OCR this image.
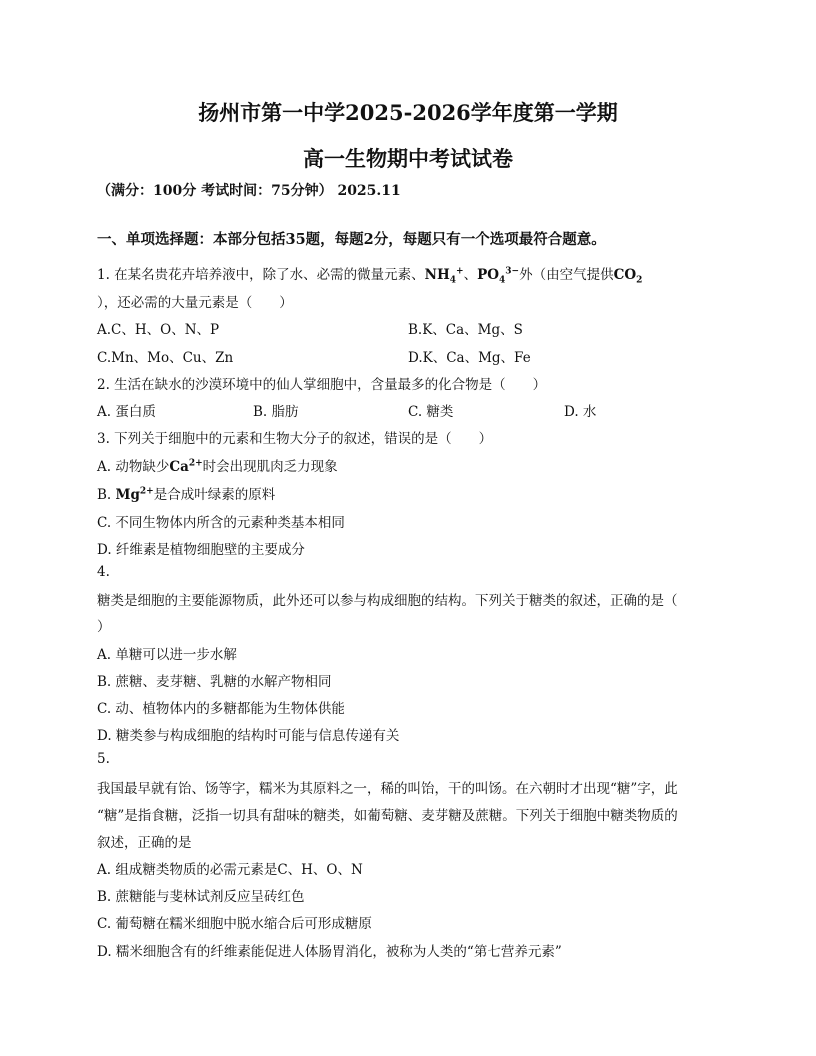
扬州市第一中学2025-2026学年度第一学期
高一生物期中考试试卷
（满分：100分 考试时间：75分钟） 2025.11
一、单项选择题：本部分包括35题，每题2分，每题只有一个选项最符合题意。
1. 在某名贵花卉培养液中，除了水、必需的微量元素、$NH_4^+$、$PO_4^{3-}$外（由空气提供$CO_2$
），还必需的大量元素是（　　）
A.C、H、O、N、P	B.K、Ca、Mg、S
C.Mn、Mo、Cu、Zn	D.K、Ca、Mg、Fe
2. 生活在缺水的沙漠环境中的仙人掌细胞中，含量最多的化合物是（　　）
A. 蛋白质	B. 脂肪	C. 糖类	D. 水
3. 下列关于细胞中的元素和生物大分子的叙述，错误的是（　　）
A. 动物缺少$Ca^{2+}$时会出现肌肉乏力现象
B. $Mg^{2+}$是合成叶绿素的原料
C. 不同生物体内所含的元素种类基本相同
D. 纤维素是植物细胞壁的主要成分
4.
糖类是细胞的主要能源物质，此外还可以参与构成细胞的结构。下列关于糖类的叙述，正确的是（
）
A. 单糖可以进一步水解
B. 蔗糖、麦芽糖、乳糖的水解产物相同
C. 动、植物体内的多糖都能为生物体供能
D. 糖类参与构成细胞的结构时可能与信息传递有关
5.
我国最早就有饴、饧等字，糯米为其原料之一，稀的叫饴，干的叫饧。在六朝时才出现“糖”字，此
“糖”是指食糖，泛指一切具有甜味的糖类，如葡萄糖、麦芽糖及蔗糖。下列关于细胞中糖类物质的
叙述，正确的是
A. 组成糖类物质的必需元素是C、H、O、N
B. 蔗糖能与斐林试剂反应呈砖红色
C. 葡萄糖在糯米细胞中脱水缩合后可形成糖原
D. 糯米细胞含有的纤维素能促进人体肠胃消化，被称为人类的“第七营养元素”
